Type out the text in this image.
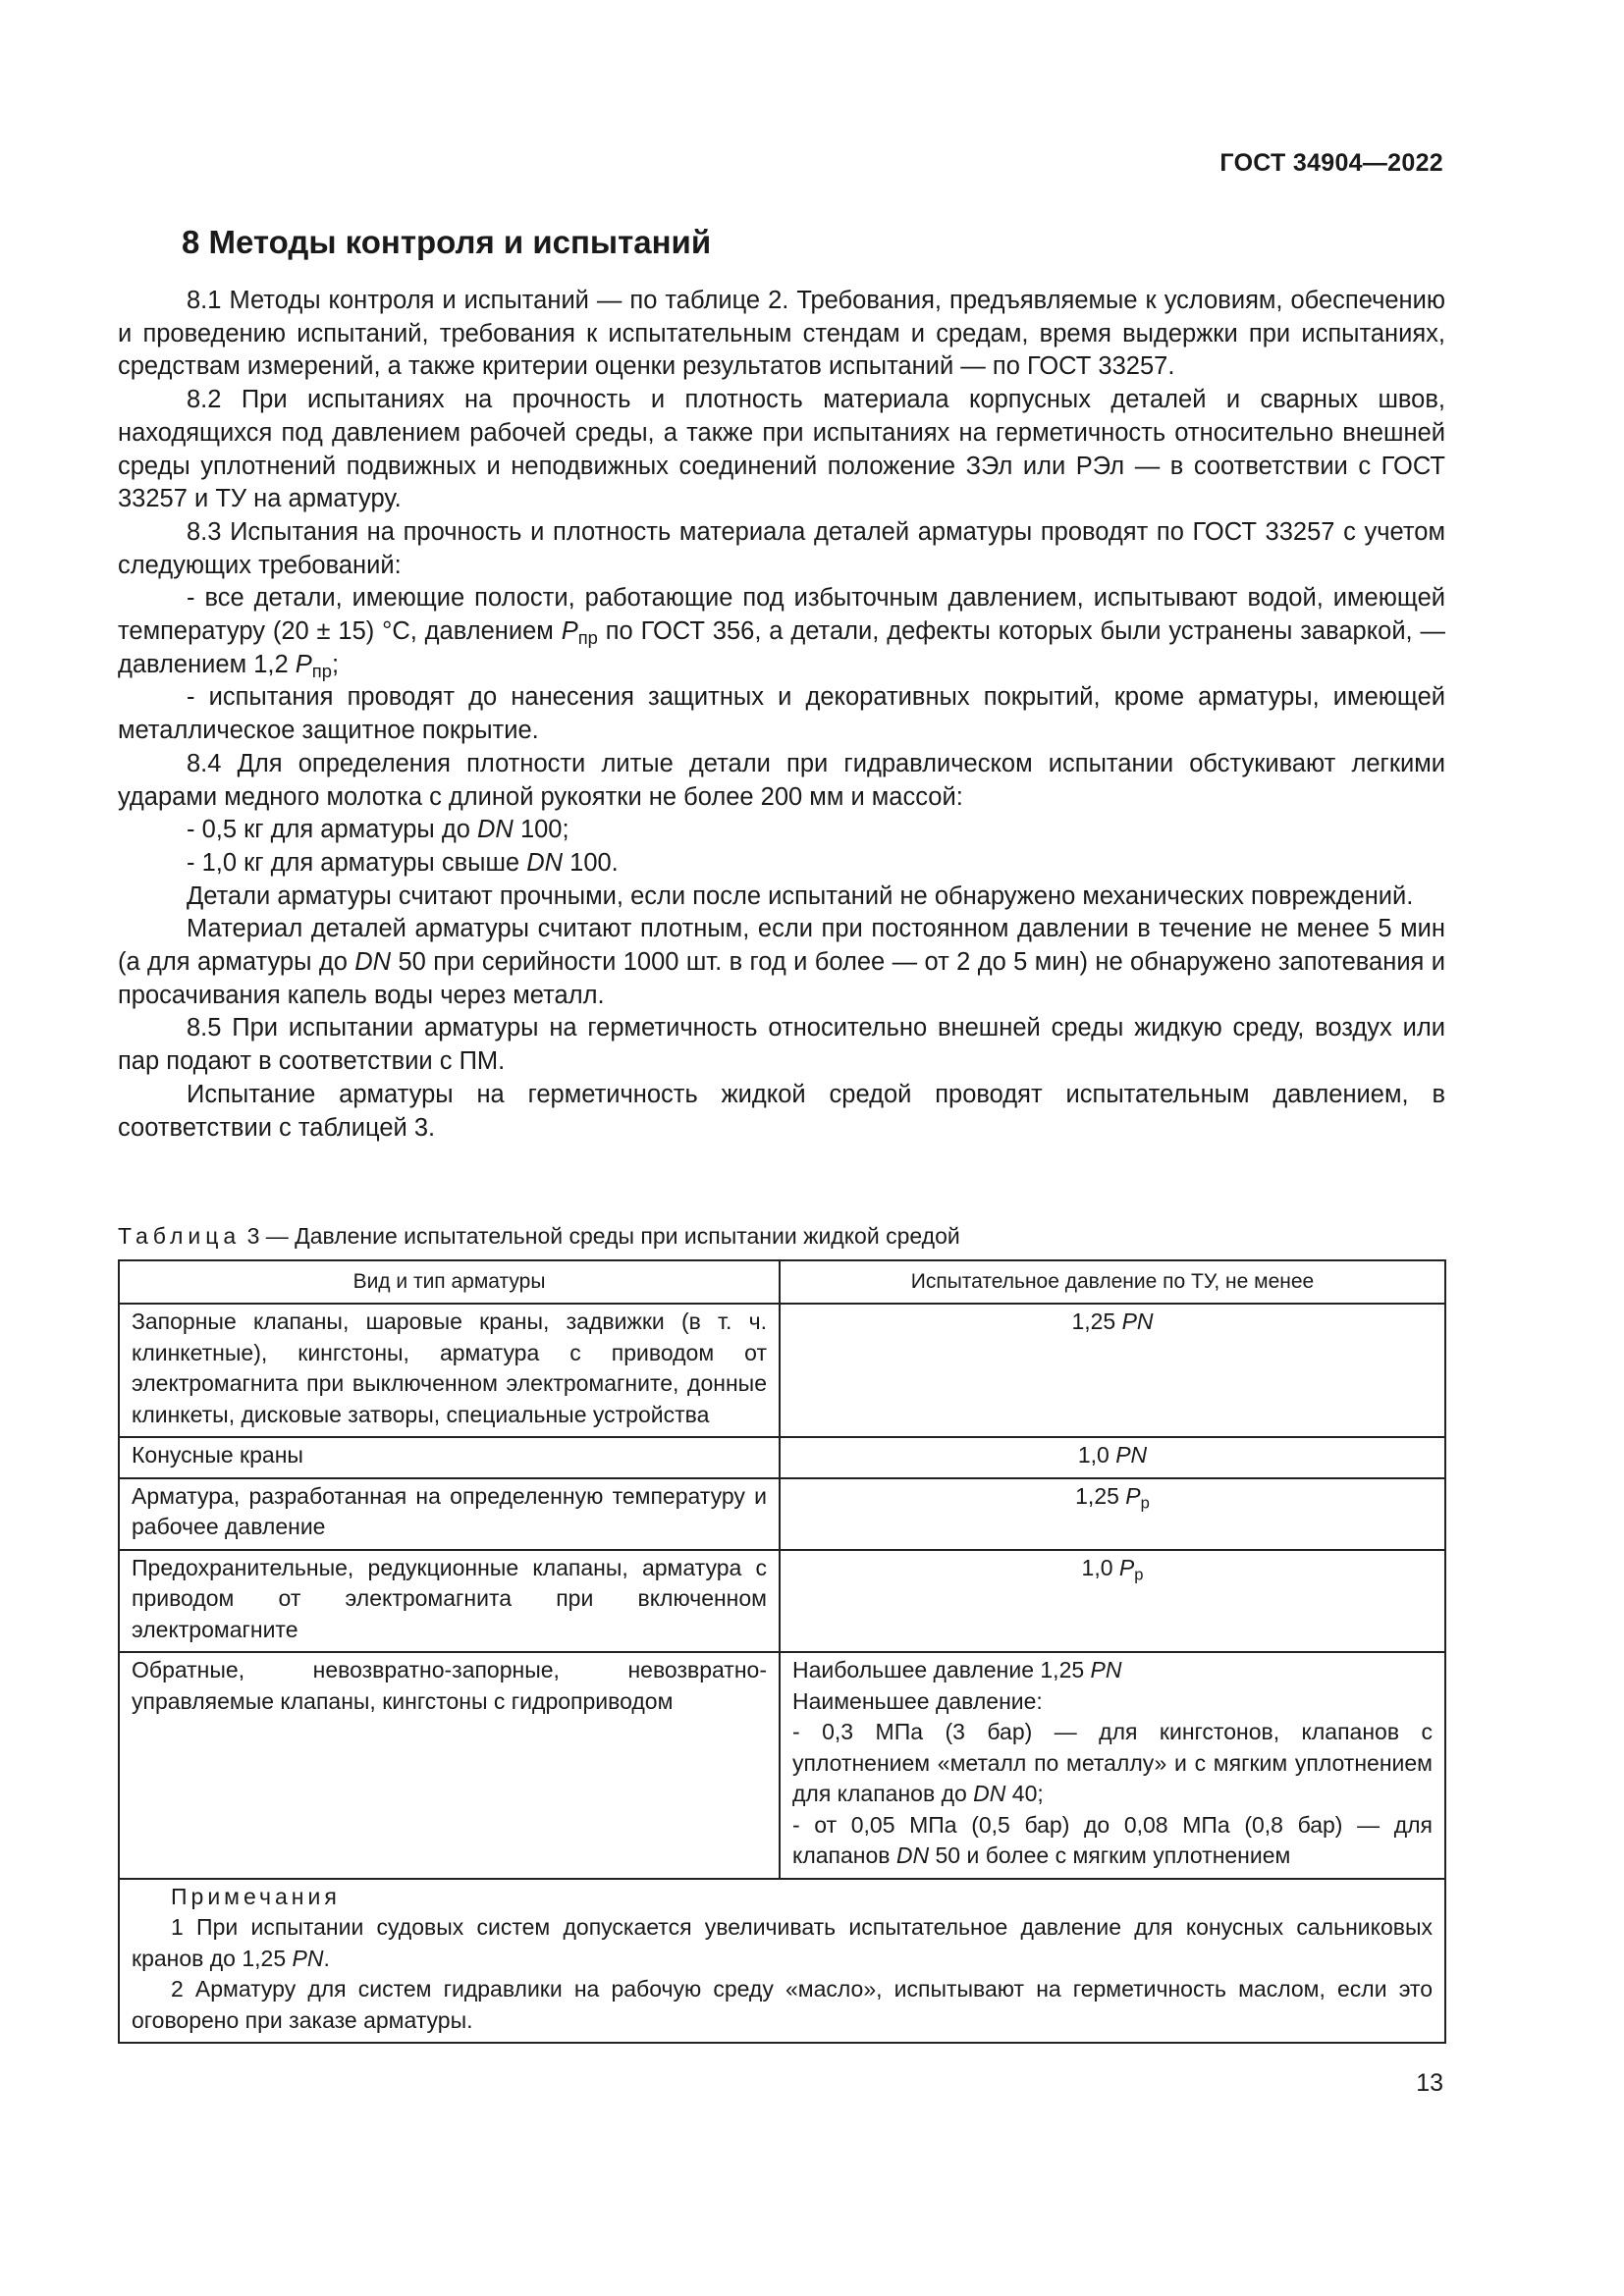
ГОСТ 34904—2022
8 Методы контроля и испытаний

8.1 Методы контроля и испытаний — по таблице 2. Требования, предъявляемые к условиям, обеспечению и проведению испытаний, требования к испытательным стендам и средам, время выдержки при испытаниях, средствам измерений, а также критерии оценки результатов испытаний — по ГОСТ 33257.

8.2 При испытаниях на прочность и плотность материала корпусных деталей и сварных швов, находящихся под давлением рабочей среды, а также при испытаниях на герметичность относительно внешней среды уплотнений подвижных и неподвижных соединений положение ЗЭл или РЭл — в соответствии с ГОСТ 33257 и ТУ на арматуру.

8.3 Испытания на прочность и плотность материала деталей арматуры проводят по ГОСТ 33257 с учетом следующих требований:

- все детали, имеющие полости, работающие под избыточным давлением, испытывают водой, имеющей температуру (20 ± 15) °С, давлением $P_{пр}$ по ГОСТ 356, а детали, дефекты которых были устранены заваркой, — давлением 1,2 $P_{пр}$;

- испытания проводят до нанесения защитных и декоративных покрытий, кроме арматуры, имеющей металлическое защитное покрытие.

8.4 Для определения плотности литые детали при гидравлическом испытании обстукивают легкими ударами медного молотка с длиной рукоятки не более 200 мм и массой:

- 0,5 кг для арматуры до DN 100;

- 1,0 кг для арматуры свыше DN 100.

Детали арматуры считают прочными, если после испытаний не обнаружено механических повреждений.

Материал деталей арматуры считают плотным, если при постоянном давлении в течение не менее 5 мин (а для арматуры до DN 50 при серийности 1000 шт. в год и более — от 2 до 5 мин) не обнаружено запотевания и просачивания капель воды через металл.

8.5 При испытании арматуры на герметичность относительно внешней среды жидкую среду, воздух или пар подают в соответствии с ПМ.

Испытание арматуры на герметичность жидкой средой проводят испытательным давлением, в соответствии с таблицей 3.

Таблица 3 — Давление испытательной среды при испытании жидкой средой
Вид и тип арматуры	Испытательное давление по ТУ, не менее
Запорные клапаны, шаровые краны, задвижки (в т. ч. клинкетные), кингстоны, арматура с приводом от электромагнита при выключенном электромагните, донные клинкеты, дисковые затворы, специальные устройства	1,25 PN
Конусные краны	1,0 PN
Арматура, разработанная на определенную температуру и рабочее давление	1,25 $P_р$
Предохранительные, редукционные клапаны, арматура с приводом от электромагнита при включенном электромагните	1,0 $P_р$
Обратные, невозвратно-запорные, невозвратно-управляемые клапаны, кингстоны с гидроприводом	Наибольшее давление 1,25 PN
Наименьшее давление:
- 0,3 МПа (3 бар) — для кингстонов, клапанов с уплотнением «металл по металлу» и с мягким уплотнением для клапанов до DN 40;
- от 0,05 МПа (0,5 бар) до 0,08 МПа (0,8 бар) — для клапанов DN 50 и более с мягким уплотнением

Примечания
1 При испытании судовых систем допускается увеличивать испытательное давление для конусных сальниковых кранов до 1,25 PN.
2 Арматуру для систем гидравлики на рабочую среду «масло», испытывают на герметичность маслом, если это оговорено при заказе арматуры.	
13
